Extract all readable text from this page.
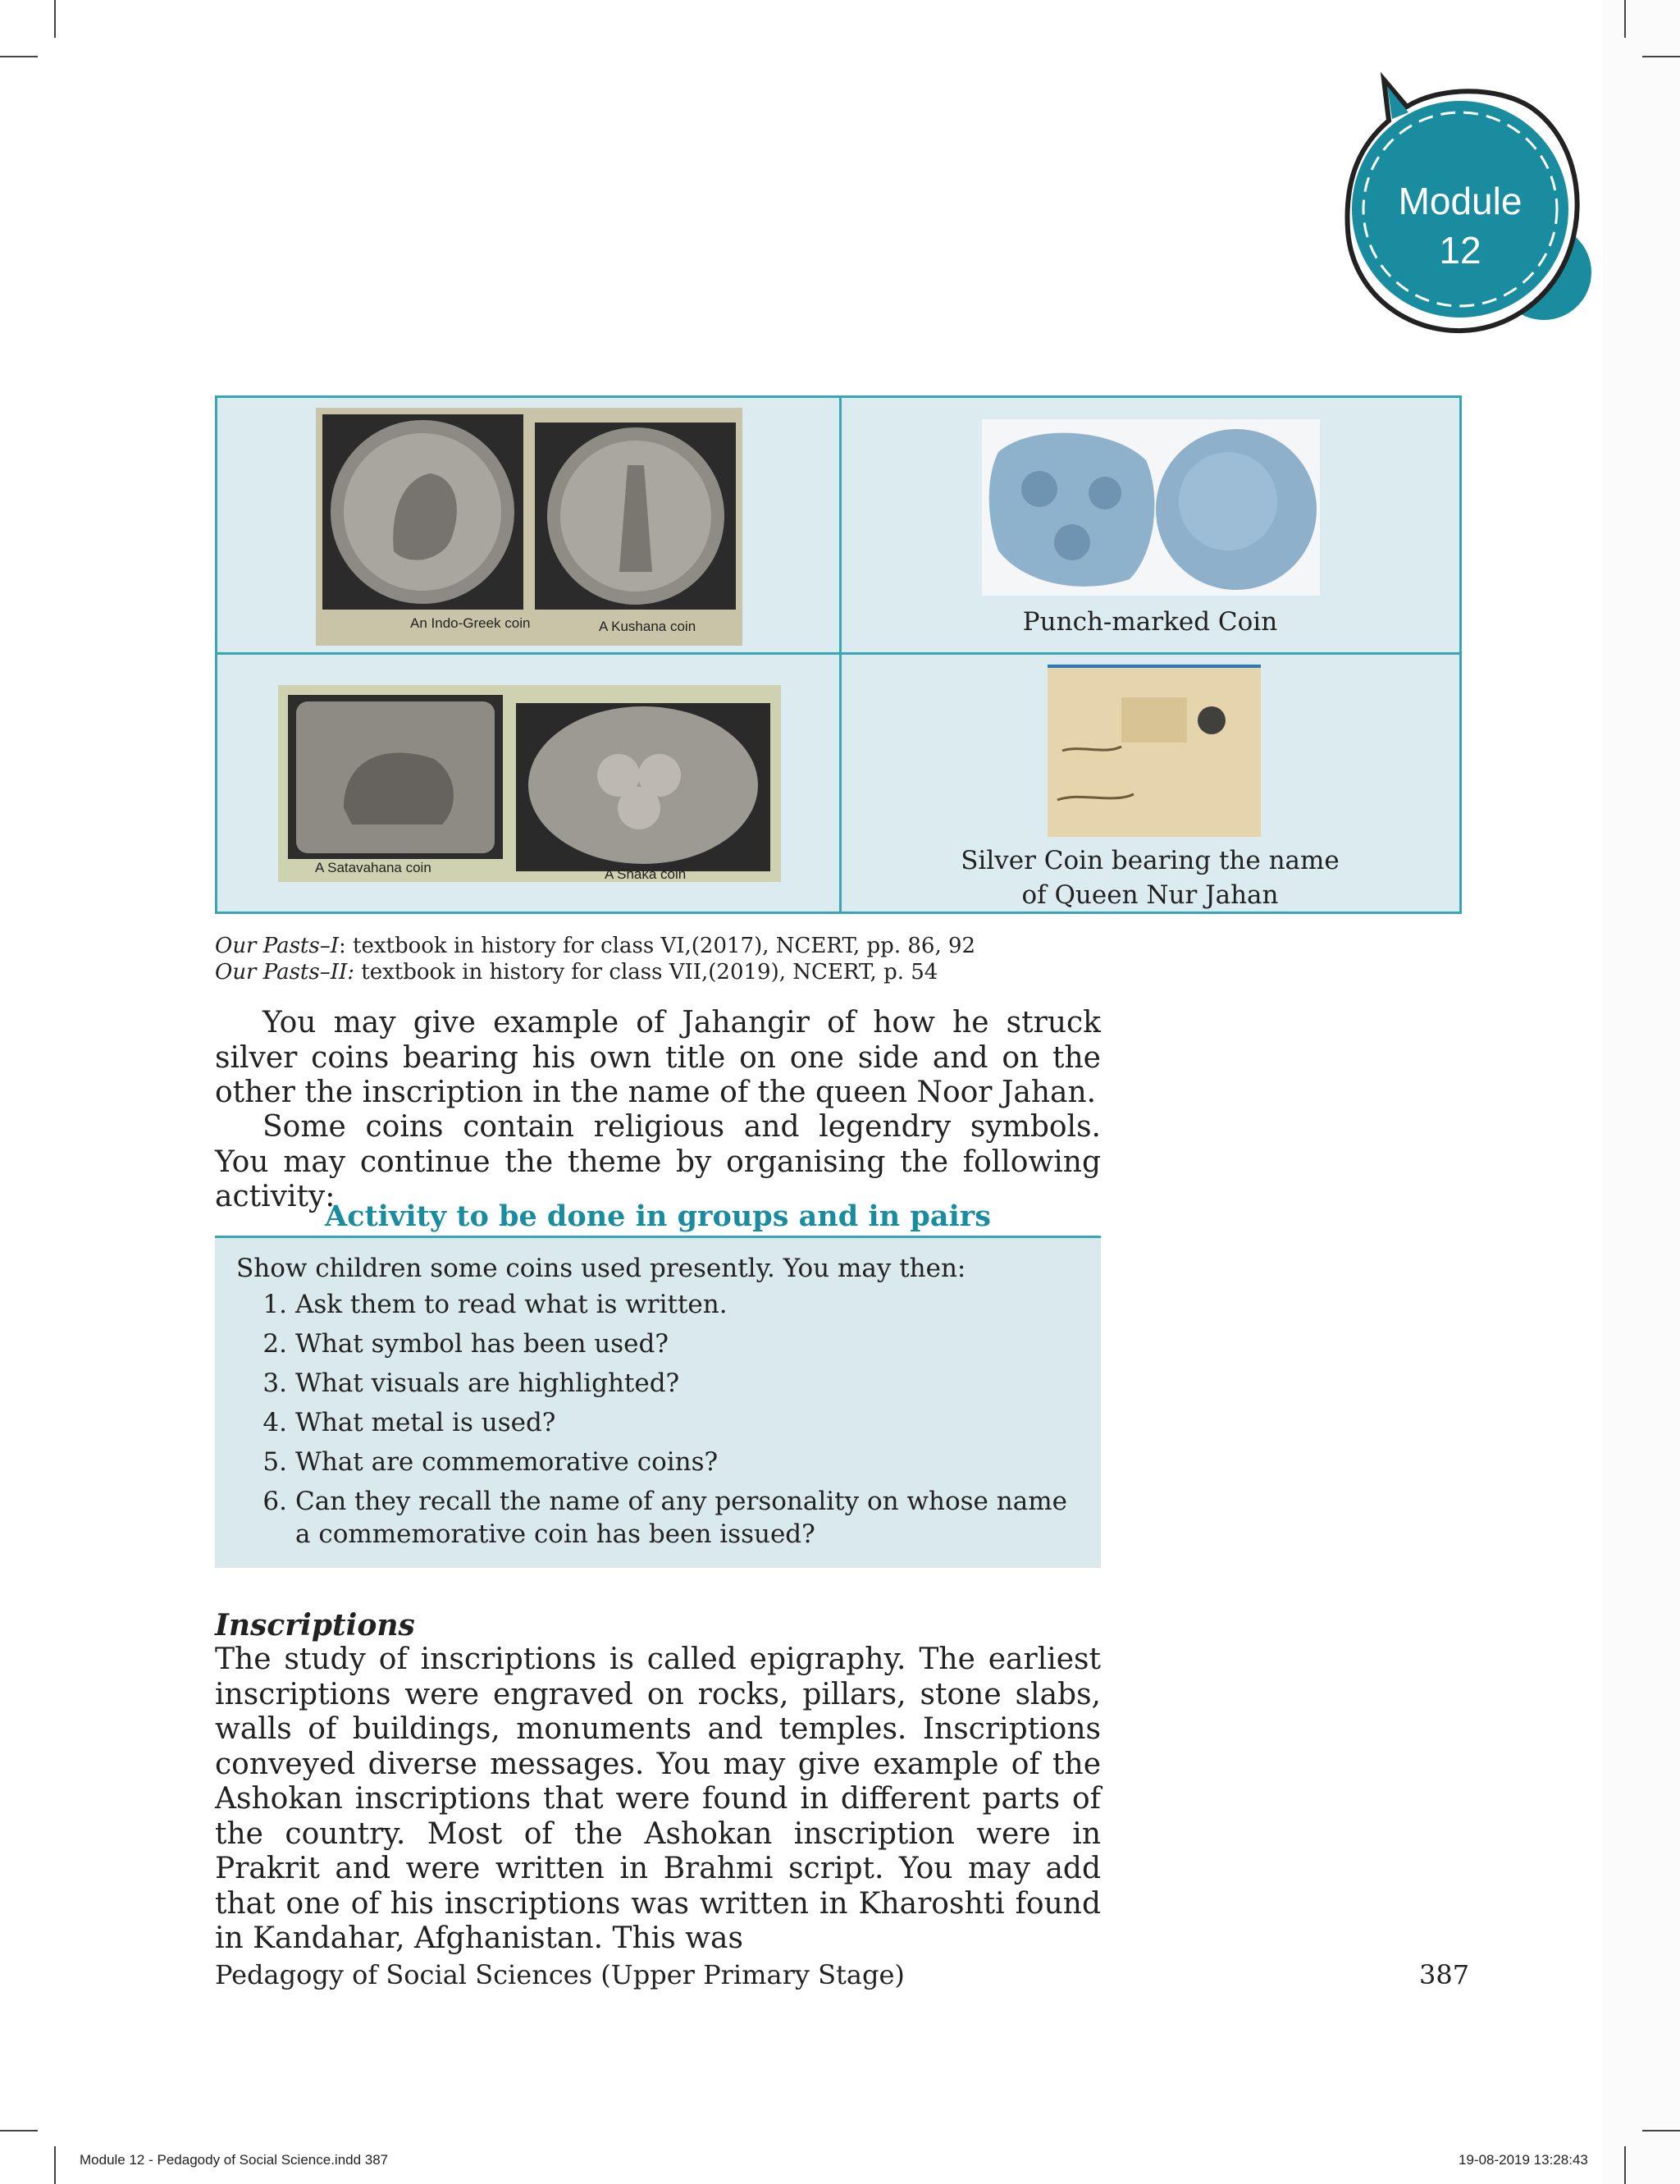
Module
12
An Indo-Greek coin	A Kushana coin	Punch-marked Coin
A Satavahana coin	A Shaka coin	Silver Coin bearing the name
of Queen Nur Jahan
Our Pasts–I: textbook in history for class VI,(2017), NCERT, pp. 86, 92
Our Pasts–II: textbook in history for class VII,(2019), NCERT, p. 54
You may give example of Jahangir of how he struck silver coins bearing his own title on one side and on the other the inscription in the name of the queen Noor Jahan.
Some coins contain religious and legendry symbols. You may continue the theme by organising the following activity:
Activity to be done in groups and in pairs
Show children some coins used presently. You may then:
1. Ask them to read what is written.
2. What symbol has been used?
3. What visuals are highlighted?
4. What metal is used?
5. What are commemorative coins?
6. Can they recall the name of any personality on whose name a commemorative coin has been issued?
Inscriptions
The study of inscriptions is called epigraphy. The earliest inscriptions were engraved on rocks, pillars, stone slabs, walls of buildings, monuments and temples. Inscriptions conveyed diverse messages. You may give example of the Ashokan inscriptions that were found in different parts of the country. Most of the Ashokan inscription were in Prakrit and were written in Brahmi script. You may add that one of his inscriptions was written in Kharoshti found in Kandahar, Afghanistan. This was
Pedagogy of Social Sciences (Upper Primary Stage)	387
Module 12 - Pedagody of Social Science.indd 387	19-08-2019 13:28:43
